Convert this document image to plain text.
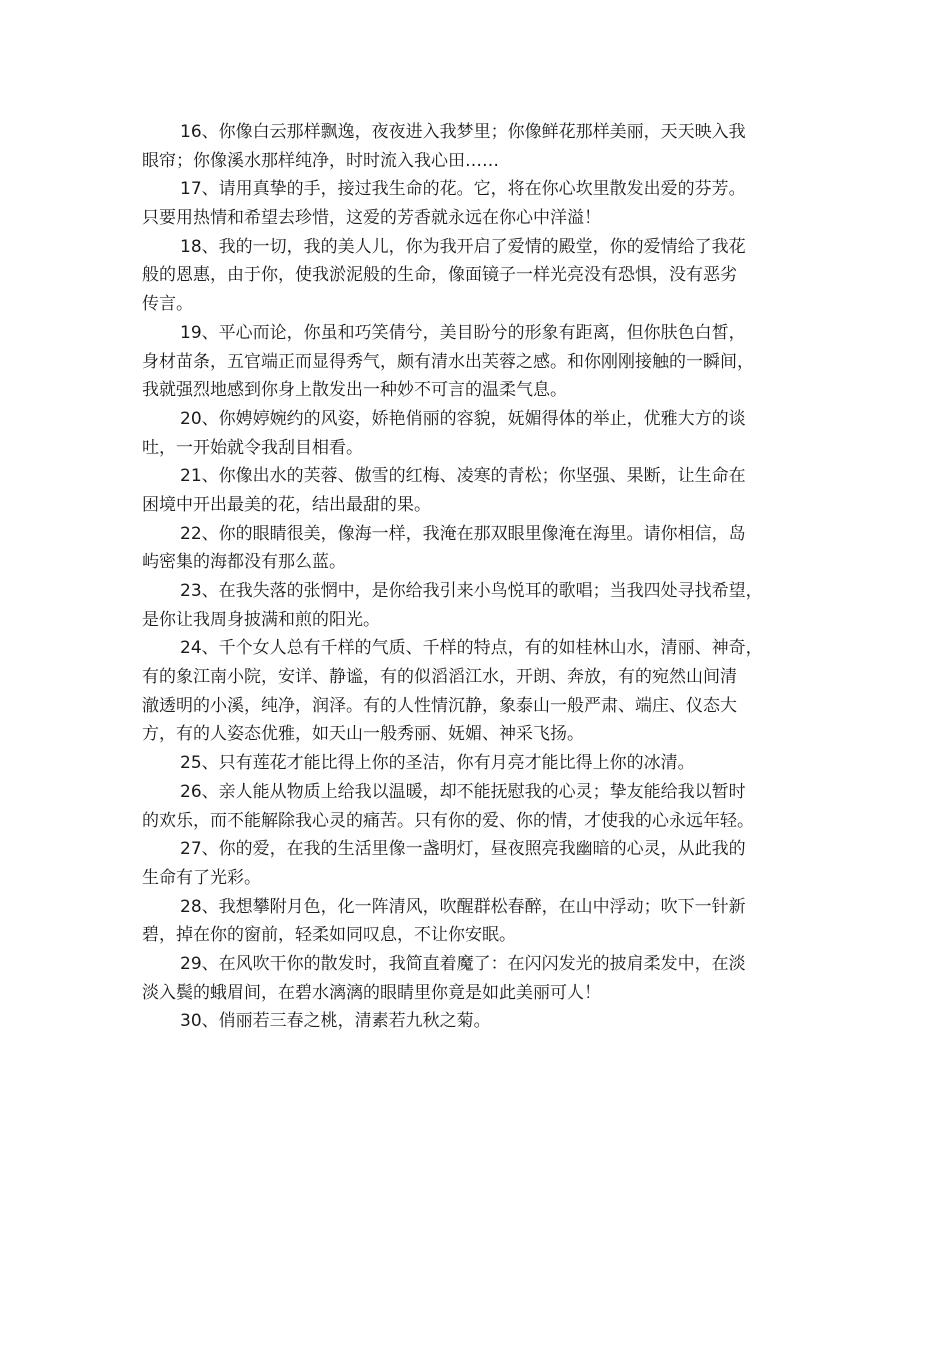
16、你像白云那样飘逸，夜夜进入我梦里；你像鲜花那样美丽，天天映入我
眼帘；你像溪水那样纯净，时时流入我心田……
17、请用真挚的手，接过我生命的花。它，将在你心坎里散发出爱的芬芳。
只要用热情和希望去珍惜，这爱的芳香就永远在你心中洋溢！
18、我的一切，我的美人儿，你为我开启了爱情的殿堂，你的爱情给了我花
般的恩惠，由于你，使我淤泥般的生命，像面镜子一样光亮没有恐惧，没有恶劣
传言。
19、平心而论，你虽和巧笑倩兮，美目盼兮的形象有距离，但你肤色白皙，
身材苗条，五官端正而显得秀气，颇有清水出芙蓉之感。和你刚刚接触的一瞬间，
我就强烈地感到你身上散发出一种妙不可言的温柔气息。
20、你娉婷婉约的风姿，娇艳俏丽的容貌，妩媚得体的举止，优雅大方的谈
吐，一开始就令我刮目相看。
21、你像出水的芙蓉、傲雪的红梅、凌寒的青松；你坚强、果断，让生命在
困境中开出最美的花，结出最甜的果。
22、你的眼睛很美，像海一样，我淹在那双眼里像淹在海里。请你相信，岛
屿密集的海都没有那么蓝。
23、在我失落的张惘中，是你给我引来小鸟悦耳的歌唱；当我四处寻找希望，
是你让我周身披满和煎的阳光。
24、千个女人总有千样的气质、千样的特点，有的如桂林山水，清丽、神奇，
有的象江南小院，安详、静谧，有的似滔滔江水，开朗、奔放，有的宛然山间清
澈透明的小溪，纯净，润泽。有的人性情沉静，象泰山一般严肃、端庄、仪态大
方，有的人姿态优雅，如天山一般秀丽、妩媚、神采飞扬。
25、只有莲花才能比得上你的圣洁，你有月亮才能比得上你的冰清。
26、亲人能从物质上给我以温暖，却不能抚慰我的心灵；挚友能给我以暂时
的欢乐，而不能解除我心灵的痛苦。只有你的爱、你的情，才使我的心永远年轻。
27、你的爱，在我的生活里像一盏明灯，昼夜照亮我幽暗的心灵，从此我的
生命有了光彩。
28、我想攀附月色，化一阵清风，吹醒群松春醉，在山中浮动；吹下一针新
碧，掉在你的窗前，轻柔如同叹息，不让你安眠。
29、在风吹干你的散发时，我简直着魔了：在闪闪发光的披肩柔发中，在淡
淡入鬓的蛾眉间，在碧水漓漓的眼睛里你竟是如此美丽可人！
30、俏丽若三春之桃，清素若九秋之菊。
